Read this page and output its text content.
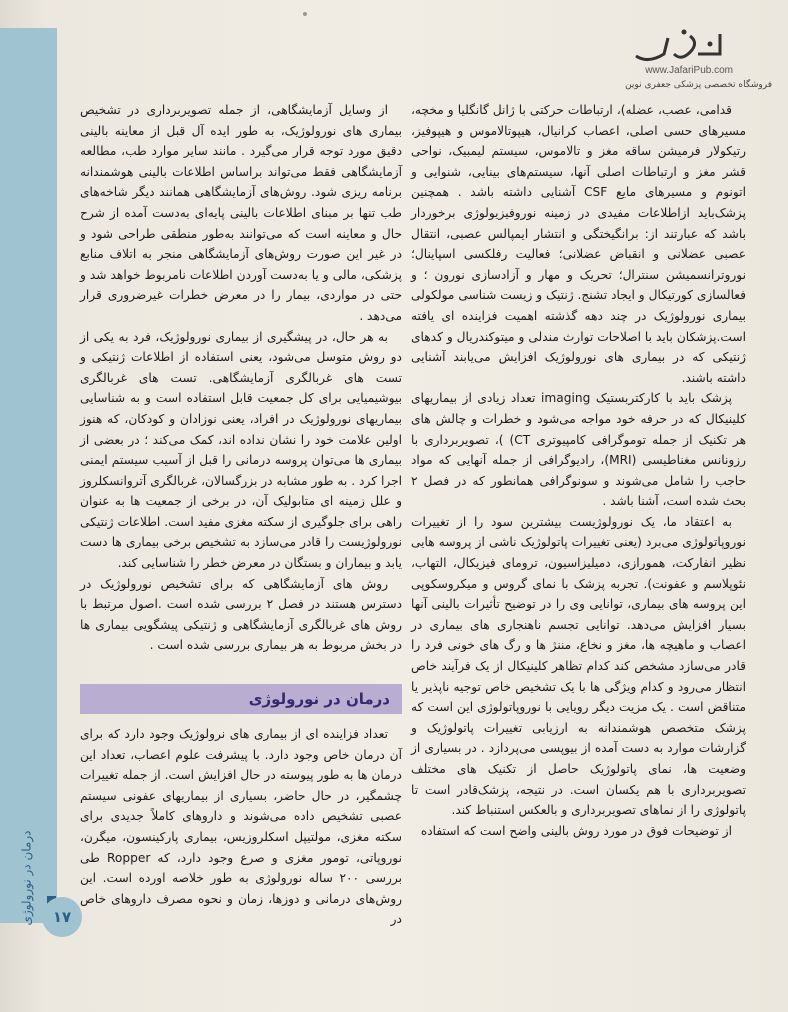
www.JafariPub.com
فروشگاه تخصصی پزشکی جعفری نوین
درمان در نورولوژی	۱۷

قدامی، عصب، عضله)، ارتباطات حرکتی با ژانل گانگلیا و مخچه، مسیرهای حسی اصلی، اعصاب کرانیال، هیپوتالاموس و هیپوفیز، رتیکولار فرمیشن ساقه مغز و تالاموس، سیستم لیمبیک، نواحی قشر مغز و ارتباطات اصلی آنها، سیستم‌های بینایی، شنوایی و اتونوم و مسیرهای مایع CSF آشنایی داشته باشد . همچنین پزشک‌باید ازاطلاعات مفیدی در زمینه نوروفیزیولوژی برخوردار باشد که عبارتند از: برانگیختگی و انتشار ایمپالس عصبی، انتقال عصبی عضلانی و انقباض عضلانی؛ فعالیت رفلکسی اسپاینال؛ نوروترانسمیشن سنترال؛ تحریک و مهار و آزادسازی نورون ؛ و فعالسازی کورتیکال و ایجاد تشنج. ژنتیک و زیست شناسی مولکولی بیماری نورولوژیک در چند دهه گذشته اهمیت فزاینده ای یافته است.پزشکان باید با اصلاحات توارث مندلی و میتوکندریال و کدهای ژنتیکی که در بیماری های نورولوژیک افزایش می‌یابند آشنایی داشته باشند.

پزشک باید با کارکتربستیک imaging تعداد زیادی از بیماریهای کلینیکال که در حرفه خود مواجه می‌شود و خطرات و چالش های هر تکنیک از جمله توموگرافی کامپیوتری CT) )، تصویربرداری با رزونانس مغناطیسی (MRI)، رادیوگرافی از جمله آنهایی که مواد حاجب را شامل می‌شوند و سونوگرافی همانطور که در فصل ۲ بحث شده است، آشنا باشد .

به اعتقاد ما، یک نورولوژیست بیشترین سود را از تغییرات نوروپاتولوژی می‌برد (یعنی تغییرات پاتولوژیک ناشی از پروسه هایی نظیر انفارکت، همورازی، دمیلیزاسیون، ترومای فیزیکال، التهاب، نئوپلاسم و عفونت). تجربه پزشک با نمای گروس و میکروسکوپی این پروسه های بیماری، توانایی وی را در توضیح تأثیرات بالینی آنها بسیار افزایش می‌دهد. توانایی تجسم ناهنجاری های بیماری در اعصاب و ماهیچه ها، مغز و نخاع، مننژ ها و رگ های خونی فرد را قادر می‌سازد مشخص کند کدام تظاهر کلینیکال از یک فرآیند خاص انتظار می‌رود و کدام ویژگی ها با یک تشخیص خاص توجیه ناپذیر یا متناقض است . یک مزیت دیگر رویایی با نوروپاتولوژی این است که پزشک متخصص هوشمندانه به ارزیابی تغییرات پاتولوژیک و گزارشات موارد به دست آمده از بیوپسی می‌پردازد . در بسیاری از وضعیت ها، نمای پاتولوژیک حاصل از تکنیک های مختلف تصویربرداری با هم یکسان است. در نتیجه، پزشک‌قادر است تا پاتولوژی را از نماهای تصویربرداری و بالعکس استنباط کند.

از توضیحات فوق در مورد روش بالینی واضح است که استفاده

از وسایل آزمایشگاهی، از جمله تصویربرداری در تشخیص بیماری های نورولوژیک، به طور ایده آل قبل از معاینه بالینی دقیق مورد توجه قرار می‌گیرد . مانند سایر موارد طب، مطالعه آزمایشگاهی فقط می‌تواند براساس اطلاعات بالینی هوشمندانه برنامه ریزی شود. روش‌های آزمایشگاهی همانند دیگر شاخه‌های طب تنها بر مبنای اطلاعات بالینی پایه‌ای به‌دست آمده از شرح حال و معاینه است که می‌توانند به‌طور منطقی طراحی شود و در غیر این صورت روش‌های آزمایشگاهی منجر به اتلاف منابع پزشکی، مالی و یا به‌دست آوردن اطلاعات نامربوط خواهد شد و حتی در مواردی، بیمار را در معرض خطرات غیرضروری قرار می‌دهد .

به هر حال، در پیشگیری از بیماری نورولوژیک، فرد به یکی از دو روش متوسل می‌شود، یعنی استفاده از اطلاعات ژنتیکی و تست های غربالگری آزمایشگاهی. تست های غربالگری بیوشیمیایی برای کل جمعیت قابل استفاده است و به شناسایی بیماریهای نورولوژیک در افراد، یعنی نوزادان و کودکان، که هنوز اولین علامت خود را نشان نداده اند، کمک می‌کند ؛ در بعضی از بیماری ها می‌توان پروسه درمانی را قبل از آسیب سیستم ایمنی اجرا کرد . به طور مشابه در بزرگسالان، غربالگری آتروانسکلروز و علل زمینه ای متابولیک آن، در برخی از جمعیت ها به عنوان راهی برای جلوگیری از سکته مغزی مفید است. اطلاعات ژنتیکی نورولوژیست را قادر می‌سازد به تشخیص برخی بیماری ها دست یابد و بیماران و بستگان در معرض خطر را شناسایی کند.

روش های آزمایشگاهی که برای تشخیص نورولوژیک در دسترس هستند در فصل ۲ بررسی شده است .اصول مرتبط با روش های غربالگری آزمایشگاهی و ژنتیکی پیشگویی بیماری ها در بخش مربوط به هر بیماری بررسی شده است .

درمان در نورولوژی

تعداد فزاینده ای از بیماری های نرولوژیک وجود دارد که برای آن درمان خاص وجود دارد. با پیشرفت علوم اعصاب، تعداد این درمان ها به طور پیوسته در حال افزایش است. از جمله تغییرات چشمگیر، در حال حاضر، بسیاری از بیماریهای عفونی سیستم عصبی تشخیص داده می‌شوند و داروهای کاملاً جدیدی برای سکته مغزی، مولتیپل اسکلروزیس، بیماری پارکینسون، میگرن، نوروپاتی، تومور مغزی و صرع وجود دارد، که Ropper طی بررسی ۲۰۰ ساله نورولوژی به طور خلاصه اورده است. این روش‌های درمانی و دوزها، زمان و نحوه مصرف داروهای خاص در
